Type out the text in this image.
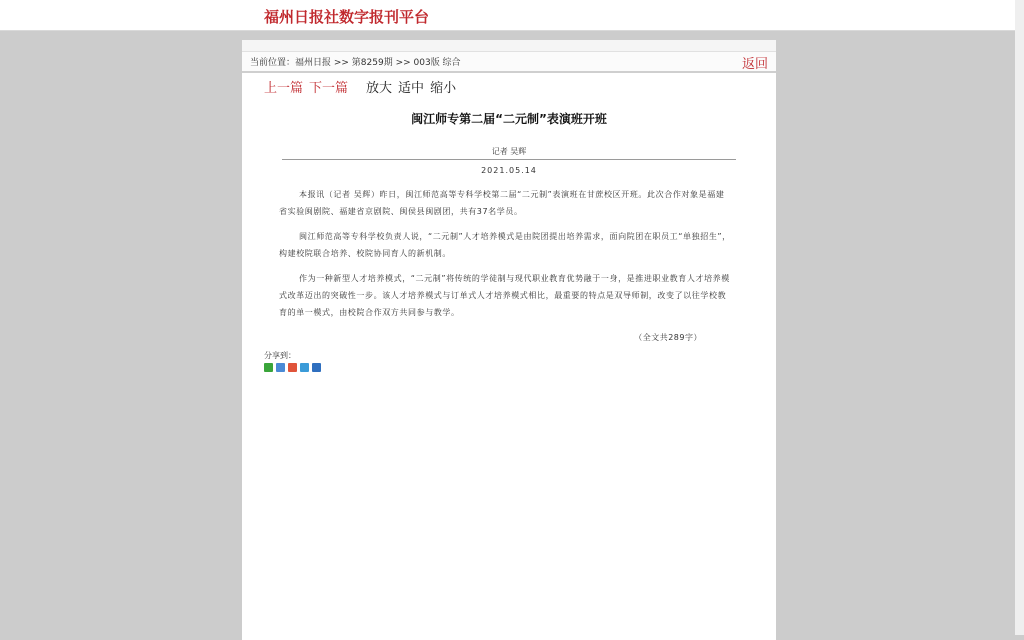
福州日报社数字报刊平台
当前位置：福州日报 >> 第8259期 >> 003版 综合	返回
上一篇 下一篇 放大 适中 缩小
闽江师专第二届“二元制”表演班开班
记者 吴辉
2021.05.14

本报讯（记者 吴辉）昨日，闽江师范高等专科学校第二届“二元制”表演班在甘蔗校区开班。此次合作对象是福建省实验闽剧院、福建省京剧院、闽侯县闽剧团，共有37名学员。

闽江师范高等专科学校负责人说，“二元制”人才培养模式是由院团提出培养需求，面向院团在职员工“单独招生”，构建校院联合培养、校院协同育人的新机制。

作为一种新型人才培养模式，“二元制”将传统的学徒制与现代职业教育优势融于一身，是推进职业教育人才培养模式改革迈出的突破性一步。该人才培养模式与订单式人才培养模式相比，最重要的特点是双导师制，改变了以往学校教育的单一模式，由校院合作双方共同参与教学。

（全文共289字）
分享到：
